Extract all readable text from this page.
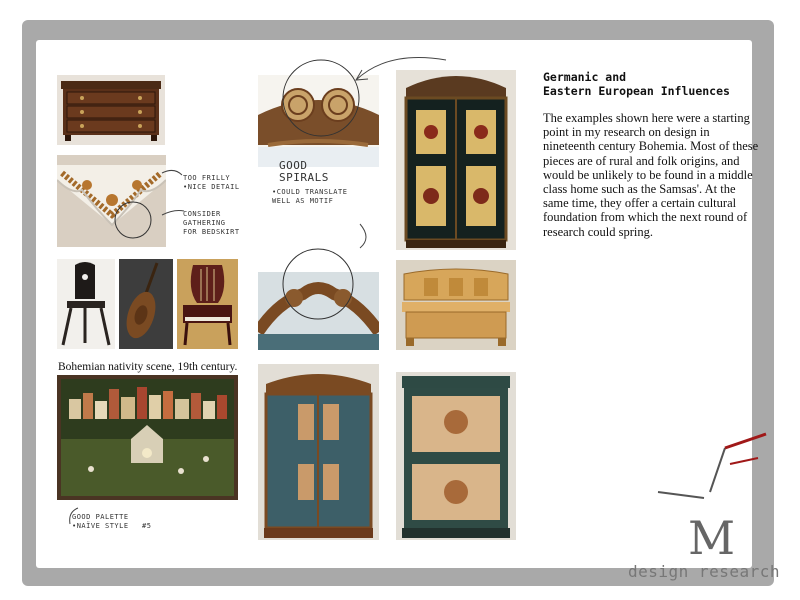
TOO FRILLY
•NICE DETAIL
CONSIDER
GATHERING
FOR BEDSKIRT
Bohemian nativity scene, 19th century.
GOOD PALETTE
•NAÏVE STYLE #5
GOOD
SPIRALS
•COULD TRANSLATE
WELL AS MOTIF
Germanic and
Eastern European Influences
The examples shown here were a starting point in my research on design in nineteenth century Bohemia. Most of these pieces are of rural and folk origins, and would be unlikely to be found in a middle class home such as the Samsas'. At the same time, they offer a certain cultural foundation from which the next round of research could spring.
M
design research
